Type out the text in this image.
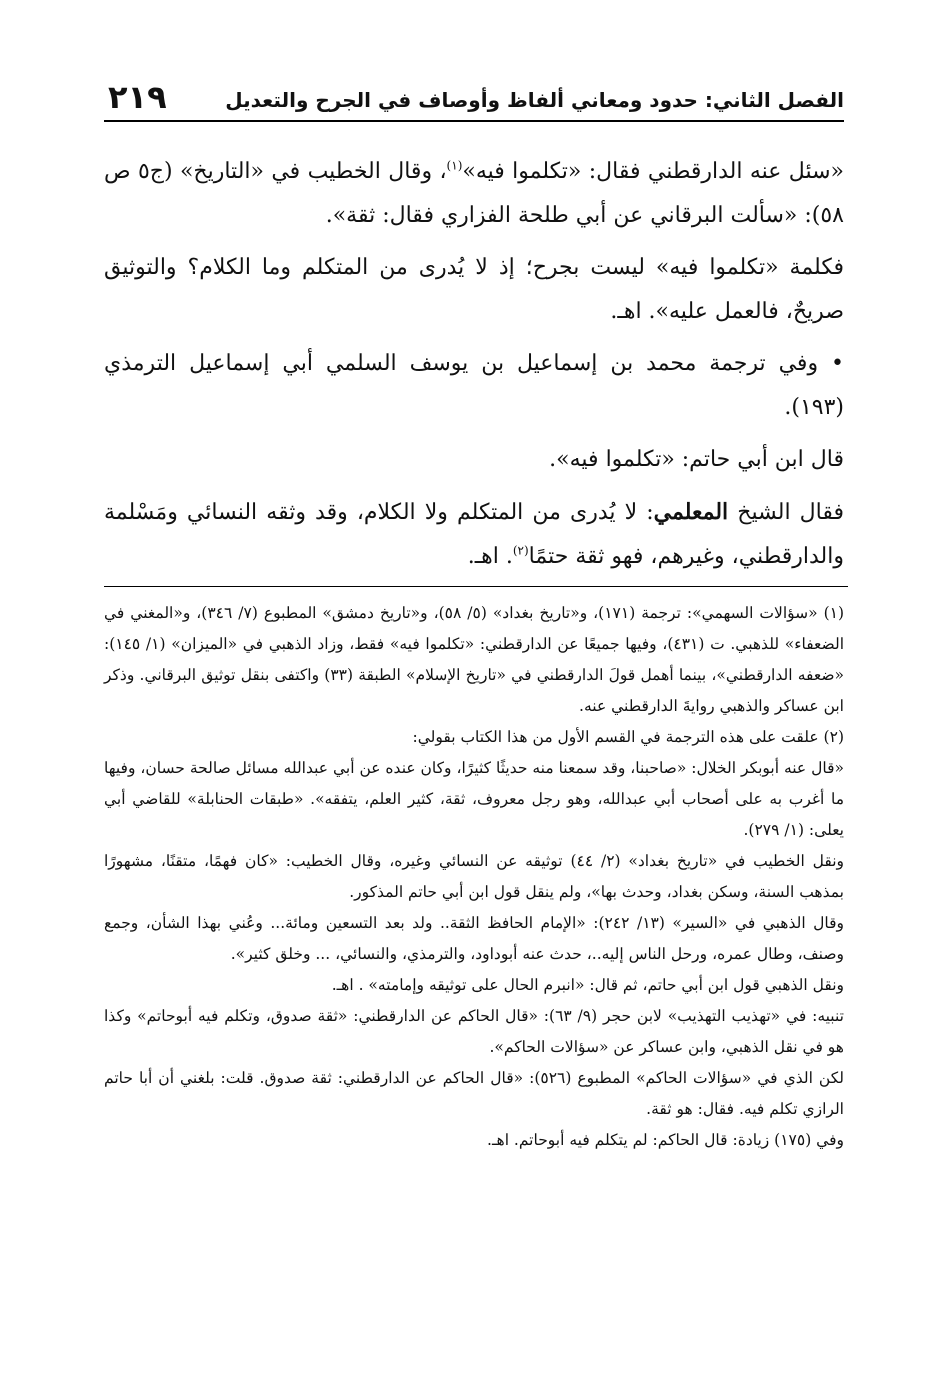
٢١٩	الفصل الثاني: حدود ومعاني ألفاظ وأوصاف في الجرح والتعديل

«سئل عنه الدارقطني فقال: «تكلموا فيه»$^{(١)}$، وقال الخطيب في «التاريخ» (ج٥ ص ٥٨): «سألت البرقاني عن أبي طلحة الفزاري فقال: ثقة».

فكلمة «تكلموا فيه» ليست بجرح؛ إذ لا يُدرى من المتكلم وما الكلام؟ والتوثيق صريحٌ، فالعمل عليه». اهـ.

• وفي ترجمة محمد بن إسماعيل بن يوسف السلمي أبي إسماعيل الترمذي (١٩٣).

قال ابن أبي حاتم: «تكلموا فيه».

فقال الشيخ المعلمي: لا يُدرى من المتكلم ولا الكلام، وقد وثقه النسائي ومَسْلمة والدارقطني، وغيرهم، فهو ثقة حتمًا$^{(٢)}$. اهـ.

(١) «سؤالات السهمي»: ترجمة (١٧١)، و«تاريخ بغداد» (٥/ ٥٨)، و«تاريخ دمشق» المطبوع (٧/ ٣٤٦)، و«المغني في الضعفاء» للذهبي. ت (٤٣١)، وفيها جميعًا عن الدارقطني: «تكلموا فيه» فقط، وزاد الذهبي في «الميزان» (١/ ١٤٥): «ضعفه الدارقطني»، بينما أهمل قولَ الدارقطني في «تاريخ الإسلام» الطبقة (٣٣) واكتفى بنقل توثيق البرقاني. وذكر ابن عساكر والذهبي روايةَ الدارقطني عنه.

(٢) علقت على هذه الترجمة في القسم الأول من هذا الكتاب بقولي:

«قال عنه أبوبكر الخلال: «صاحبنا، وقد سمعنا منه حديثًا كثيرًا، وكان عنده عن أبي عبدالله مسائل صالحة حسان، وفيها ما أغرب به على أصحاب أبي عبدالله، وهو رجل معروف، ثقة، كثير العلم، يتفقه». «طبقات الحنابلة» للقاضي أبي يعلى: (١/ ٢٧٩).

ونقل الخطيب في «تاريخ بغداد» (٢/ ٤٤) توثيقه عن النسائي وغيره، وقال الخطيب: «كان فهمًا، متقنًا، مشهورًا بمذهب السنة، وسكن بغداد، وحدث بها»، ولم ينقل قول ابن أبي حاتم المذكور.

وقال الذهبي في «السير» (١٣/ ٢٤٢): «الإمام الحافظ الثقة.. ولد بعد التسعين ومائة... وعُني بهذا الشأن، وجمع وصنف، وطال عمره، ورحل الناس إليه..، حدث عنه أبوداود، والترمذي، والنسائي، ... وخلق كثير».

ونقل الذهبي قول ابن أبي حاتم، ثم قال: «انبرم الحال على توثيقه وإمامته» . اهـ.

تنبيه: في «تهذيب التهذيب» لابن حجر (٩/ ٦٣): «قال الحاكم عن الدارقطني: «ثقة صدوق، وتكلم فيه أبوحاتم» وكذا هو في نقل الذهبي، وابن عساكر عن «سؤالات الحاكم».

لكن الذي في «سؤالات الحاكم» المطبوع (٥٢٦): «قال الحاكم عن الدارقطني: ثقة صدوق. قلت: بلغني أن أبا حاتم الرازي تكلم فيه. فقال: هو ثقة.

وفي (١٧٥) زيادة: قال الحاكم: لم يتكلم فيه أبوحاتم. اهـ.
